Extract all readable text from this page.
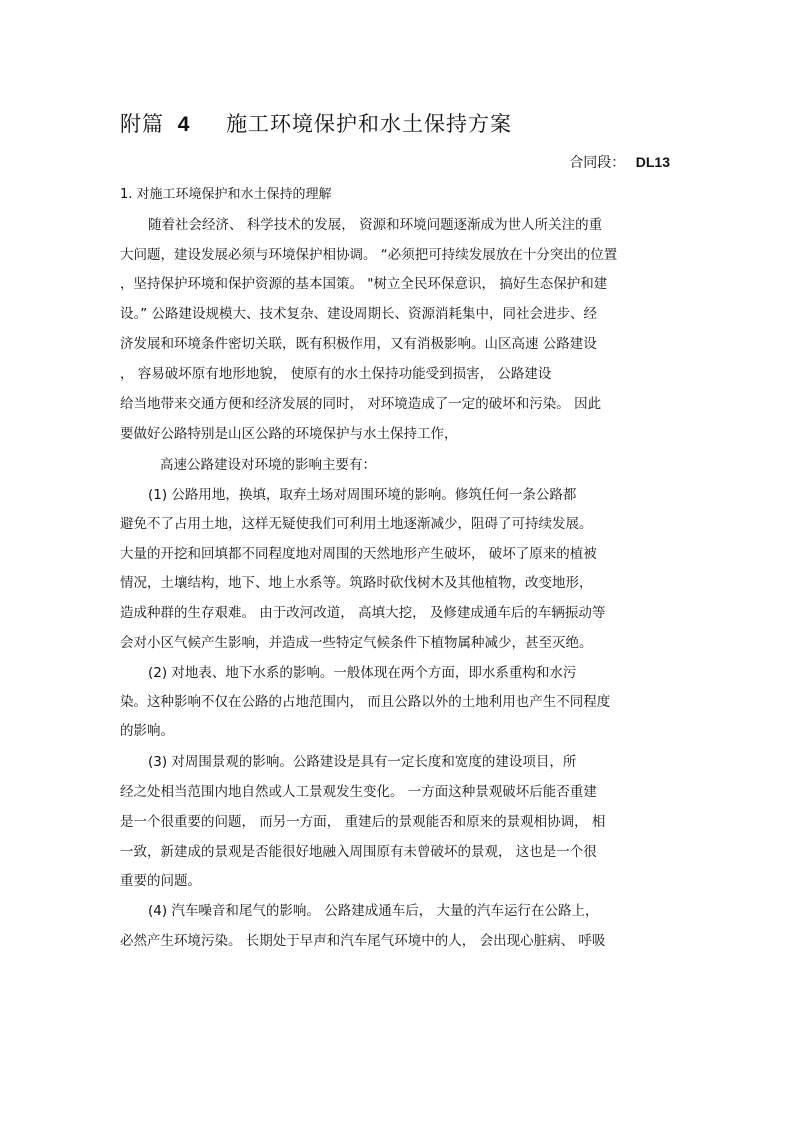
附篇 4 施工环境保护和水土保持方案
合同段： DL13
1. 对施工环境保护和水土保持的理解
随着社会经济、 科学技术的发展， 资源和环境问题逐渐成为世人所关注的重
大问题，建设发展必须与环境保护相协调。 “必须把可持续发展放在十分突出的位置
，坚持保护环境和保护资源的基本国策。 "树立全民环保意识， 搞好生态保护和建
设。” 公路建设规模大、技术复杂、建设周期长、资源消耗集中，同社会进步、经
济发展和环境条件密切关联，既有积极作用，又有消极影响。山区高速 公路建设
， 容易破坏原有地形地貌， 使原有的水土保持功能受到损害， 公路建设
给当地带来交通方便和经济发展的同时， 对环境造成了一定的破坏和污染。 因此
要做好公路特别是山区公路的环境保护与水土保持工作，
高速公路建设对环境的影响主要有：
(1) 公路用地，换填，取弃土场对周围环境的影响。修筑任何一条公路都
避免不了占用土地，这样无疑使我们可利用土地逐渐减少，阻碍了可持续发展。
大量的开挖和回填都不同程度地对周围的天然地形产生破坏， 破坏了原来的植被
情况，土壤结构，地下、地上水系等。筑路时砍伐树木及其他植物，改变地形，
造成种群的生存艰难。 由于改河改道， 高填大挖， 及修建成通车后的车辆振动等
会对小区气候产生影响，并造成一些特定气候条件下植物属种减少，甚至灭绝。
(2) 对地表、地下水系的影响。一般体现在两个方面，即水系重构和水污
染。这种影响不仅在公路的占地范围内， 而且公路以外的土地利用也产生不同程度
的影响。
(3) 对周围景观的影响。公路建设是具有一定长度和宽度的建设项目，所
经之处相当范围内地自然或人工景观发生变化。 一方面这种景观破坏后能否重建
是一个很重要的问题， 而另一方面， 重建后的景观能否和原来的景观相协调， 相
一致，新建成的景观是否能很好地融入周围原有未曾破坏的景观， 这也是一个很
重要的问题。
(4) 汽车噪音和尾气的影响。 公路建成通车后， 大量的汽车运行在公路上，
必然产生环境污染。 长期处于早声和汽车尾气环境中的人， 会出现心脏病、 呼吸
